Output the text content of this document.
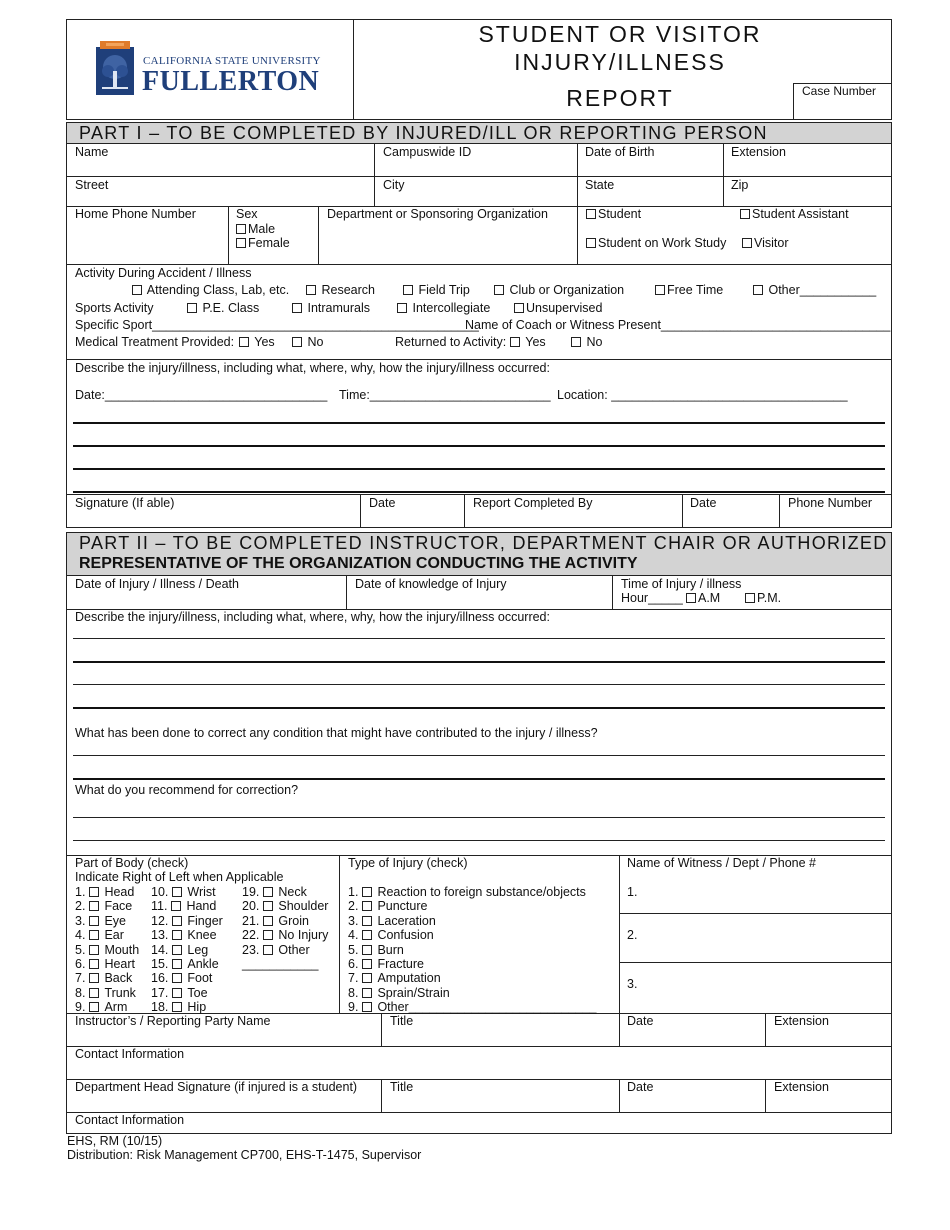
CALIFORNIA STATE UNIVERSITY
FULLERTON
STUDENT OR VISITOR
INJURY/ILLNESS
REPORT	Case Number
PART I – TO BE COMPLETED BY INJURED/ILL OR REPORTING PERSON
Name	Campuswide ID	Date of Birth	Extension
Street	City	State	Zip
Home Phone Number	Sex
Male
Female
Department or Sponsoring Organization	Student	Student Assistant
Student on Work Study	Visitor
Activity During Accident / Illness
Attending Class, Lab, etc.	Research	Field Trip	Club or Organization	Free Time	Other___________
Sports Activity	P.E. Class	Intramurals	Intercollegiate	Unsupervised
Specific Sport_______________________________________________
Name of Coach or Witness Present_________________________________
Medical Treatment Provided:	Yes	No	Returned to Activity:	Yes	No
Describe the injury/illness, including what, where, why, how the injury/illness occurred:
Date:________________________________ Time:__________________________ Location: __________________________________
Signature (If able)	Date	Report Completed By	Date	Phone Number
PART II – TO BE COMPLETED INSTRUCTOR, DEPARTMENT CHAIR OR AUTHORIZED
REPRESENTATIVE OF THE ORGANIZATION CONDUCTING THE ACTIVITY
Date of Injury / Illness / Death	Date of knowledge of Injury	Time of Injury / illness
Hour_____	A.M	P.M.
Describe the injury/illness, including what, where, why, how the injury/illness occurred:
What has been done to correct any condition that might have contributed to the injury / illness?
What do you recommend for correction?
Part of Body (check)
Indicate Right of Left when Applicable
1. Head
2. Face
3. Eye
4. Ear
5. Mouth
6. Heart
7. Back
8. Trunk
9. Arm
10. Wrist
11. Hand
12. Finger
13. Knee
14. Leg
15. Ankle
16. Foot
17. Toe
18. Hip
19. Neck
20. Shoulder
21. Groin
22. No Injury
23. Other
___________
Type of Injury (check)
1. Reaction to foreign substance/objects
2. Puncture
3. Laceration
4. Confusion
5. Burn
6. Fracture
7. Amputation
8. Sprain/Strain
9. Other___________________________
Name of Witness / Dept / Phone #
1.
2.
3.
Instructor’s / Reporting Party Name	Title	Date	Extension
Contact Information
Department Head Signature (if injured is a student)	Title	Date	Extension
Contact Information
EHS, RM (10/15)
Distribution: Risk Management CP700, EHS-T-1475, Supervisor
